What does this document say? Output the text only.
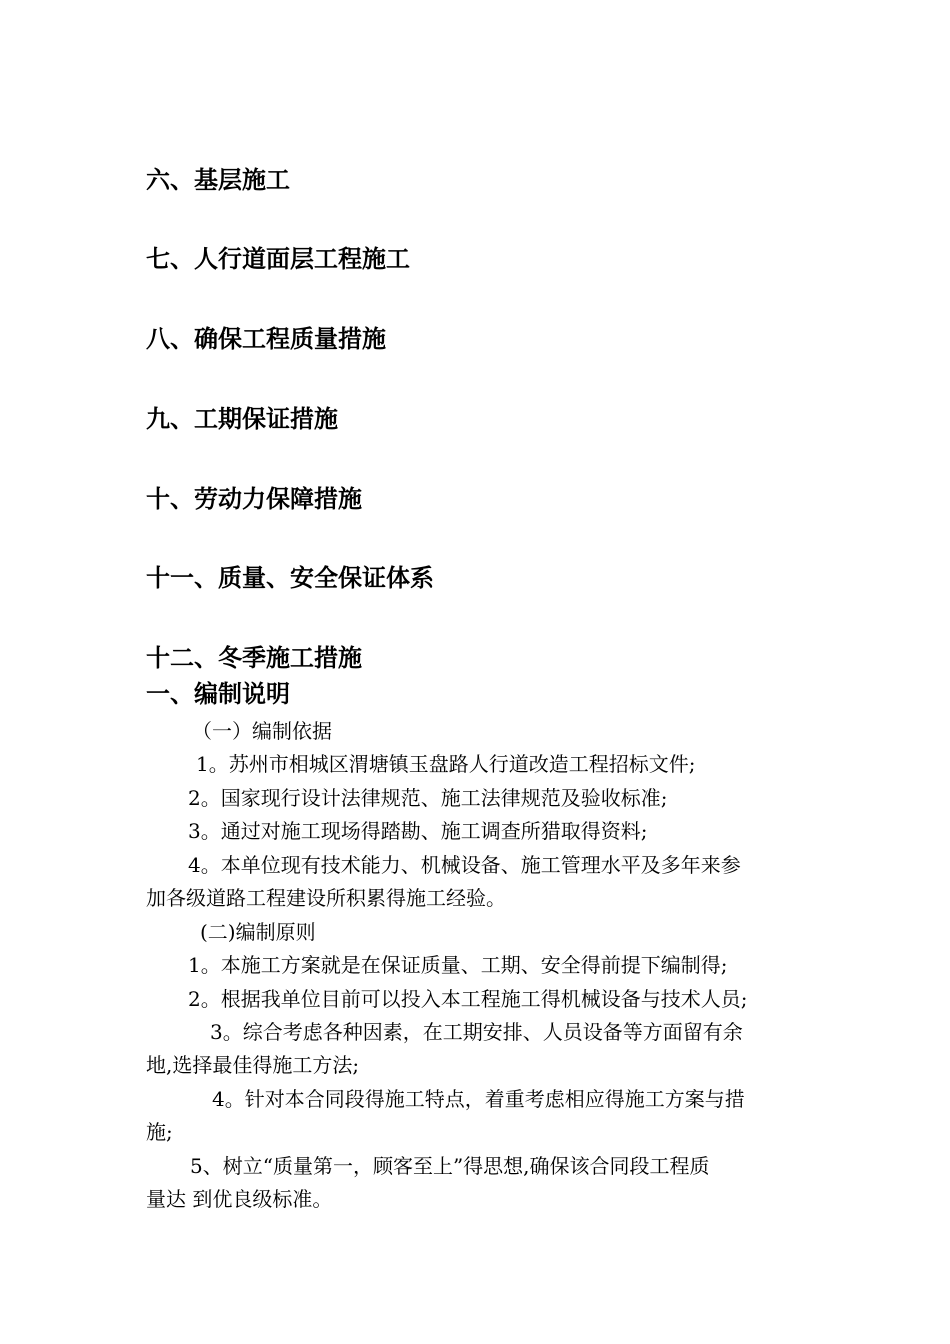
六、基层施工
七、人行道面层工程施工
八、确保工程质量措施
九、工期保证措施
十、劳动力保障措施
十一、质量、安全保证体系
十二、冬季施工措施
一、编制说明
（一）编制依据
1。苏州市相城区渭塘镇玉盘路人行道改造工程招标文件;
2。国家现行设计法律规范、施工法律规范及验收标准;
3。通过对施工现场得踏勘、施工调查所猎取得资料;
4。本单位现有技术能力、机械设备、施工管理水平及多年来参
加各级道路工程建设所积累得施工经验。
(二)编制原则
1。本施工方案就是在保证质量、工期、安全得前提下编制得;
2。根据我单位目前可以投入本工程施工得机械设备与技术人员;
3。综合考虑各种因素，在工期安排、人员设备等方面留有余
地,选择最佳得施工方法;
4。针对本合同段得施工特点，着重考虑相应得施工方案与措
施;
5、树立“质量第一，顾客至上”得思想,确保该合同段工程质
量达 到优良级标准。
